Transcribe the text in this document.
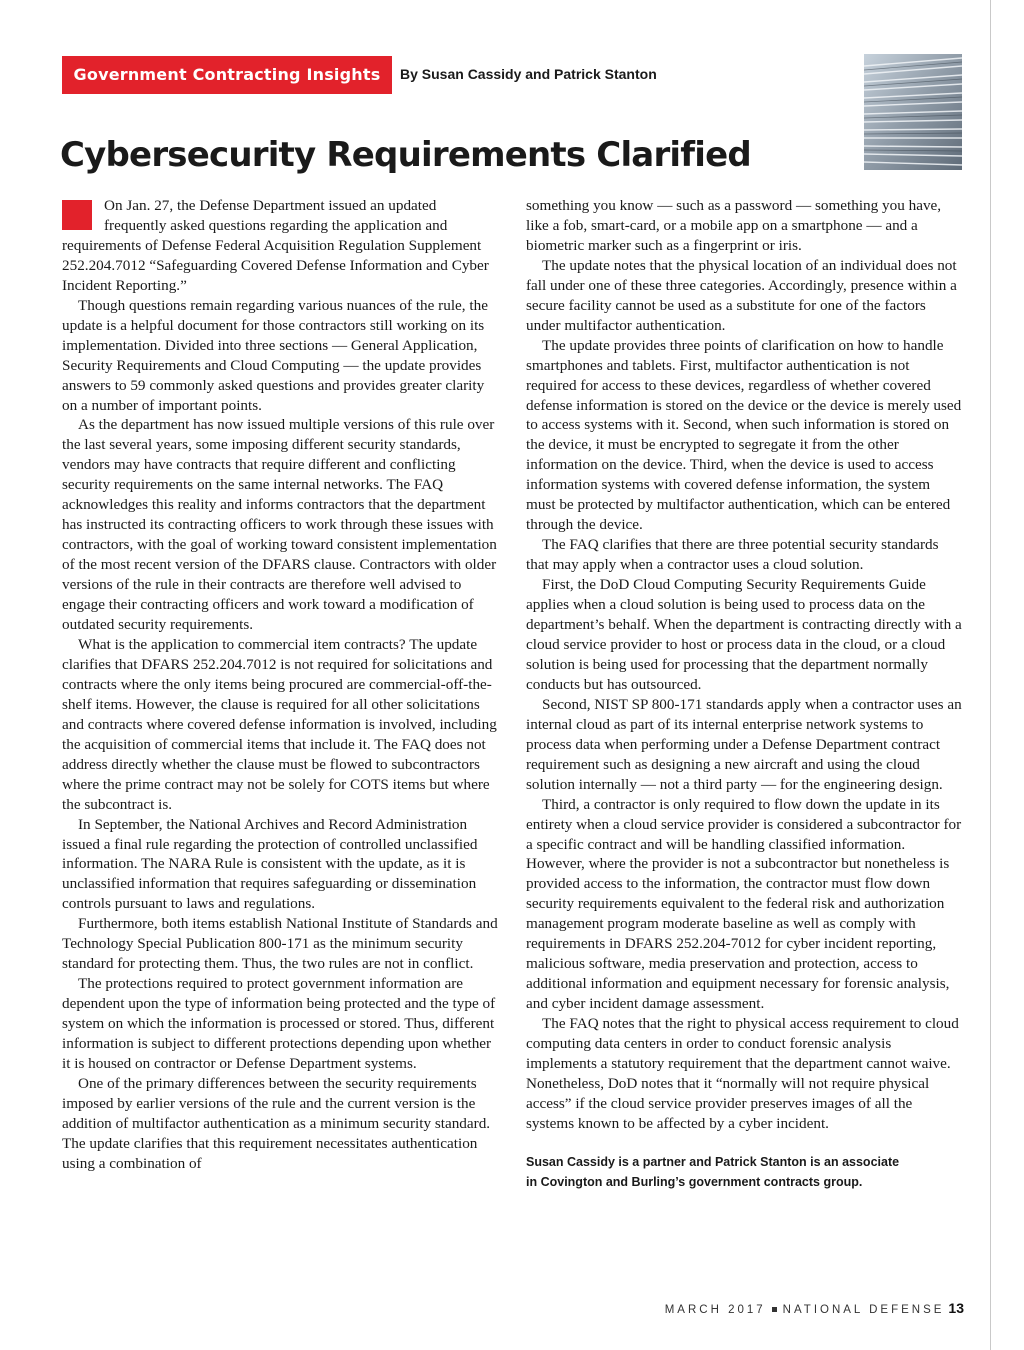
Government Contracting Insights	By Susan Cassidy and Patrick Stanton
Cybersecurity Requirements Clarified

On Jan. 27, the Defense Department issued an updated frequently asked questions regarding the application and requirements of Defense Federal Acquisition Regulation Supplement 252.204.7012 “Safeguarding Covered Defense Information and Cyber Incident Reporting.”

Though questions remain regarding various nuances of the rule, the update is a helpful document for those contractors still working on its implementation. Divided into three sections — General Application, Security Requirements and Cloud Computing — the update provides answers to 59 commonly asked questions and provides greater clarity on a number of important points.

As the department has now issued multiple versions of this rule over the last several years, some imposing different security standards, vendors may have contracts that require different and conflicting security requirements on the same internal networks. The FAQ acknowledges this reality and informs contractors that the department has instructed its contracting officers to work through these issues with contractors, with the goal of working toward consistent implementation of the most recent version of the DFARS clause. Contractors with older versions of the rule in their contracts are therefore well advised to engage their contracting officers and work toward a modification of outdated security requirements.

What is the application to commercial item contracts? The update clarifies that DFARS 252.204.7012 is not required for solicitations and contracts where the only items being procured are commercial-off-the-shelf items. However, the clause is required for all other solicitations and contracts where covered defense information is involved, including the acquisition of commercial items that include it. The FAQ does not address directly whether the clause must be flowed to subcontractors where the prime contract may not be solely for COTS items but where the subcontract is.

In September, the National Archives and Record Administration issued a final rule regarding the protection of controlled unclassified information. The NARA Rule is consistent with the update, as it is unclassified information that requires safeguarding or dissemination controls pursuant to laws and regulations.

Furthermore, both items establish National Institute of Standards and Technology Special Publication 800-171 as the minimum security standard for protecting them. Thus, the two rules are not in conflict.

The protections required to protect government information are dependent upon the type of information being protected and the type of system on which the information is processed or stored. Thus, different information is subject to different protections depending upon whether it is housed on contractor or Defense Department systems.

One of the primary differences between the security requirements imposed by earlier versions of the rule and the current version is the addition of multifactor authentication as a minimum security standard. The update clarifies that this requirement necessitates authentication using a combination of

something you know — such as a password — something you have, like a fob, smart-card, or a mobile app on a smartphone — and a biometric marker such as a fingerprint or iris.

The update notes that the physical location of an individual does not fall under one of these three categories. Accordingly, presence within a secure facility cannot be used as a substitute for one of the factors under multifactor authentication.

The update provides three points of clarification on how to handle smartphones and tablets. First, multifactor authentication is not required for access to these devices, regardless of whether covered defense information is stored on the device or the device is merely used to access systems with it. Second, when such information is stored on the device, it must be encrypted to segregate it from the other information on the device. Third, when the device is used to access information systems with covered defense information, the system must be protected by multifactor authentication, which can be entered through the device.

The FAQ clarifies that there are three potential security standards that may apply when a contractor uses a cloud solution.

First, the DoD Cloud Computing Security Requirements Guide applies when a cloud solution is being used to process data on the department’s behalf. When the department is contracting directly with a cloud service provider to host or process data in the cloud, or a cloud solution is being used for processing that the department normally conducts but has outsourced.

Second, NIST SP 800-171 standards apply when a contractor uses an internal cloud as part of its internal enterprise network systems to process data when performing under a Defense Department contract requirement such as designing a new aircraft and using the cloud solution internally — not a third party — for the engineering design.

Third, a contractor is only required to flow down the update in its entirety when a cloud service provider is considered a subcontractor for a specific contract and will be handling classified information. However, where the provider is not a subcontractor but nonetheless is provided access to the information, the contractor must flow down security requirements equivalent to the federal risk and authorization management program moderate baseline as well as comply with requirements in DFARS 252.204-7012 for cyber incident reporting, malicious software, media preservation and protection, access to additional information and equipment necessary for forensic analysis, and cyber incident damage assessment.

The FAQ notes that the right to physical access requirement to cloud computing data centers in order to conduct forensic analysis implements a statutory requirement that the department cannot waive. Nonetheless, DoD notes that it “normally will not require physical access” if the cloud service provider preserves images of all the systems known to be affected by a cyber incident.

Susan Cassidy is a partner and Patrick Stanton is an associate
in Covington and Burling’s government contracts group.
MARCH 2017 NATIONAL DEFENSE 13
